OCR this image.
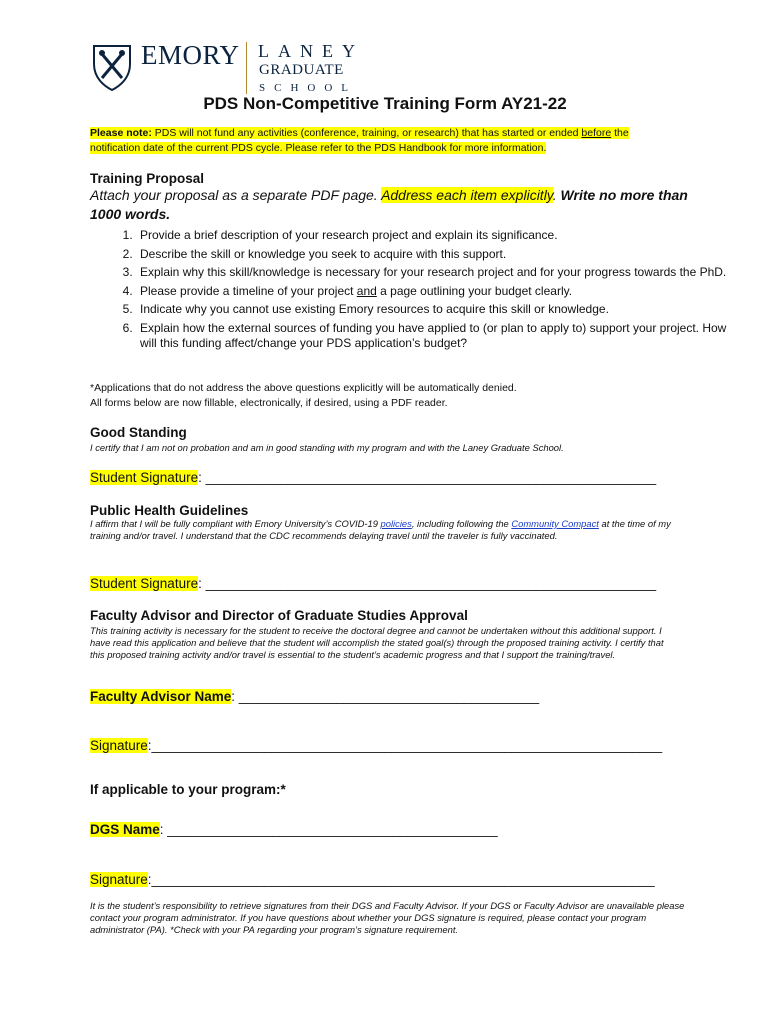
EMORY LANEY
GRADUATE
SCHOOL
PDS Non-Competitive Training Form AY21-22
Please note: PDS will not fund any activities (conference, training, or research) that has started or ended before the notification date of the current PDS cycle. Please refer to the PDS Handbook for more information.
Training Proposal
Attach your proposal as a separate PDF page. Address each item explicitly. Write no more than 1000 words.
1. Provide a brief description of your research project and explain its significance.
2. Describe the skill or knowledge you seek to acquire with this support.
3. Explain why this skill/knowledge is necessary for your research project and for your progress towards the PhD.
4. Please provide a timeline of your project and a page outlining your budget clearly.
5. Indicate why you cannot use existing Emory resources to acquire this skill or knowledge.
6. Explain how the external sources of funding you have applied to (or plan to apply to) support your project. How will this funding affect/change your PDS application’s budget?
*Applications that do not address the above questions explicitly will be automatically denied.
All forms below are now fillable, electronically, if desired, using a PDF reader.
Good Standing
I certify that I am not on probation and am in good standing with my program and with the Laney Graduate School.
Student Signature: ____________________________________________________________
Public Health Guidelines
I affirm that I will be fully compliant with Emory University’s COVID-19 policies, including following the Community Compact at the time of my training and/or travel. I understand that the CDC recommends delaying travel until the traveler is fully vaccinated.
Student Signature: ____________________________________________________________
Faculty Advisor and Director of Graduate Studies Approval
This training activity is necessary for the student to receive the doctoral degree and cannot be undertaken without this additional support. I have read this application and believe that the student will accomplish the stated goal(s) through the proposed training activity. I certify that this proposed training activity and/or travel is essential to the student’s academic progress and that I support the training/travel.
Faculty Advisor Name: ________________________________________
Signature:____________________________________________________________________
If applicable to your program:*
DGS Name: ____________________________________________
Signature:___________________________________________________________________
It is the student’s responsibility to retrieve signatures from their DGS and Faculty Advisor. If your DGS or Faculty Advisor are unavailable please contact your program administrator. If you have questions about whether your DGS signature is required, please contact your program administrator (PA). *Check with your PA regarding your program’s signature requirement.
